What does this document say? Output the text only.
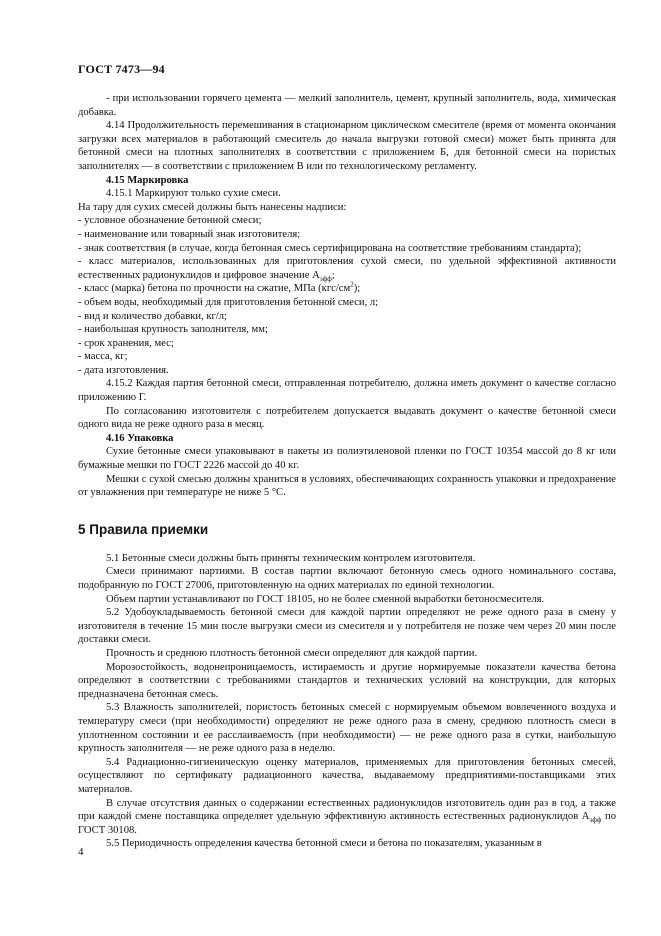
ГОСТ 7473—94

- при использовании горячего цемента — мелкий заполнитель, цемент, крупный заполнитель, вода, химическая добавка.

4.14 Продолжительность перемешивания в стационарном циклическом смесителе (время от момента окончания загрузки всех материалов в работающий смеситель до начала выгрузки готовой смеси) может быть принята для бетонной смеси на плотных заполнителях в соответствии с приложением Б, для бетонной смеси на пористых заполнителях — в соответствии с приложением В или по технологическому регламенту.

4.15 Маркировка

4.15.1 Маркируют только сухие смеси.

На тару для сухих смесей должны быть нанесены надписи:

- условное обозначение бетонной смеси;

- наименование или товарный знак изготовителя;

- знак соответствия (в случае, когда бетонная смесь сертифицирована на соответствие требованиям стандарта);

- класс материалов, использованных для приготовления сухой смеси, по удельной эффективной активности естественных радионуклидов и цифровое значение $А_{эфф}$;

- класс (марка) бетона по прочности на сжатие, МПа $(кгс/см^2)$;

- объем воды, необходимый для приготовления бетонной смеси, л;

- вид и количество добавки, кг/л;

- наибольшая крупность заполнителя, мм;

- срок хранения, мес;

- масса, кг;

- дата изготовления.

4.15.2 Каждая партия бетонной смеси, отправленная потребителю, должна иметь документ о качестве согласно приложению Г.

По согласованию изготовителя с потребителем допускается выдавать документ о качестве бетонной смеси одного вида не реже одного раза в месяц.

4.16 Упаковка

Сухие бетонные смеси упаковывают в пакеты из полиэтиленовой пленки по ГОСТ 10354 массой до 8 кг или бумажные мешки по ГОСТ 2226 массой до 40 кг.

Мешки с сухой смесью должны храниться в условиях, обеспечивающих сохранность упаковки и предохранение от увлажнения при температуре не ниже 5 °С.

5 Правила приемки

5.1 Бетонные смеси должны быть приняты техническим контролем изготовителя.

Смеси принимают партиями. В состав партии включают бетонную смесь одного номинального состава, подобранную по ГОСТ 27006, приготовленную на одних материалах по единой технологии.

Объем партии устанавливают по ГОСТ 18105, но не более сменной выработки бетоносмесителя.

5.2 Удобоукладываемость бетонной смеси для каждой партии определяют не реже одного раза в смену у изготовителя в течение 15 мин после выгрузки смеси из смесителя и у потребителя не позже чем через 20 мин после доставки смеси.

Прочность и среднюю плотность бетонной смеси определяют для каждой партии.

Морозостойкость, водонепроницаемость, истираемость и другие нормируемые показатели качества бетона определяют в соответствии с требованиями стандартов и технических условий на конструкции, для которых предназначена бетонная смесь.

5.3 Влажность заполнителей, пористость бетонных смесей с нормируемым объемом вовлеченного воздуха и температуру смеси (при необходимости) определяют не реже одного раза в смену, среднюю плотность смеси в уплотненном состоянии и ее расслаиваемость (при необходимости) — не реже одного раза в сутки, наибольшую крупность заполнителя — не реже одного раза в неделю.

5.4 Радиационно-гигиеническую оценку материалов, применяемых для приготовления бетонных смесей, осуществляют по сертификату радиационного качества, выдаваемому предприятиями-поставщиками этих материалов.

В случае отсутствия данных о содержании естественных радионуклидов изготовитель один раз в год, а также при каждой смене поставщика определяет удельную эффективную активность естественных радионуклидов $А_{эфф}$ по ГОСТ 30108.

5.5 Периодичность определения качества бетонной смеси и бетона по показателям, указанным в

4
